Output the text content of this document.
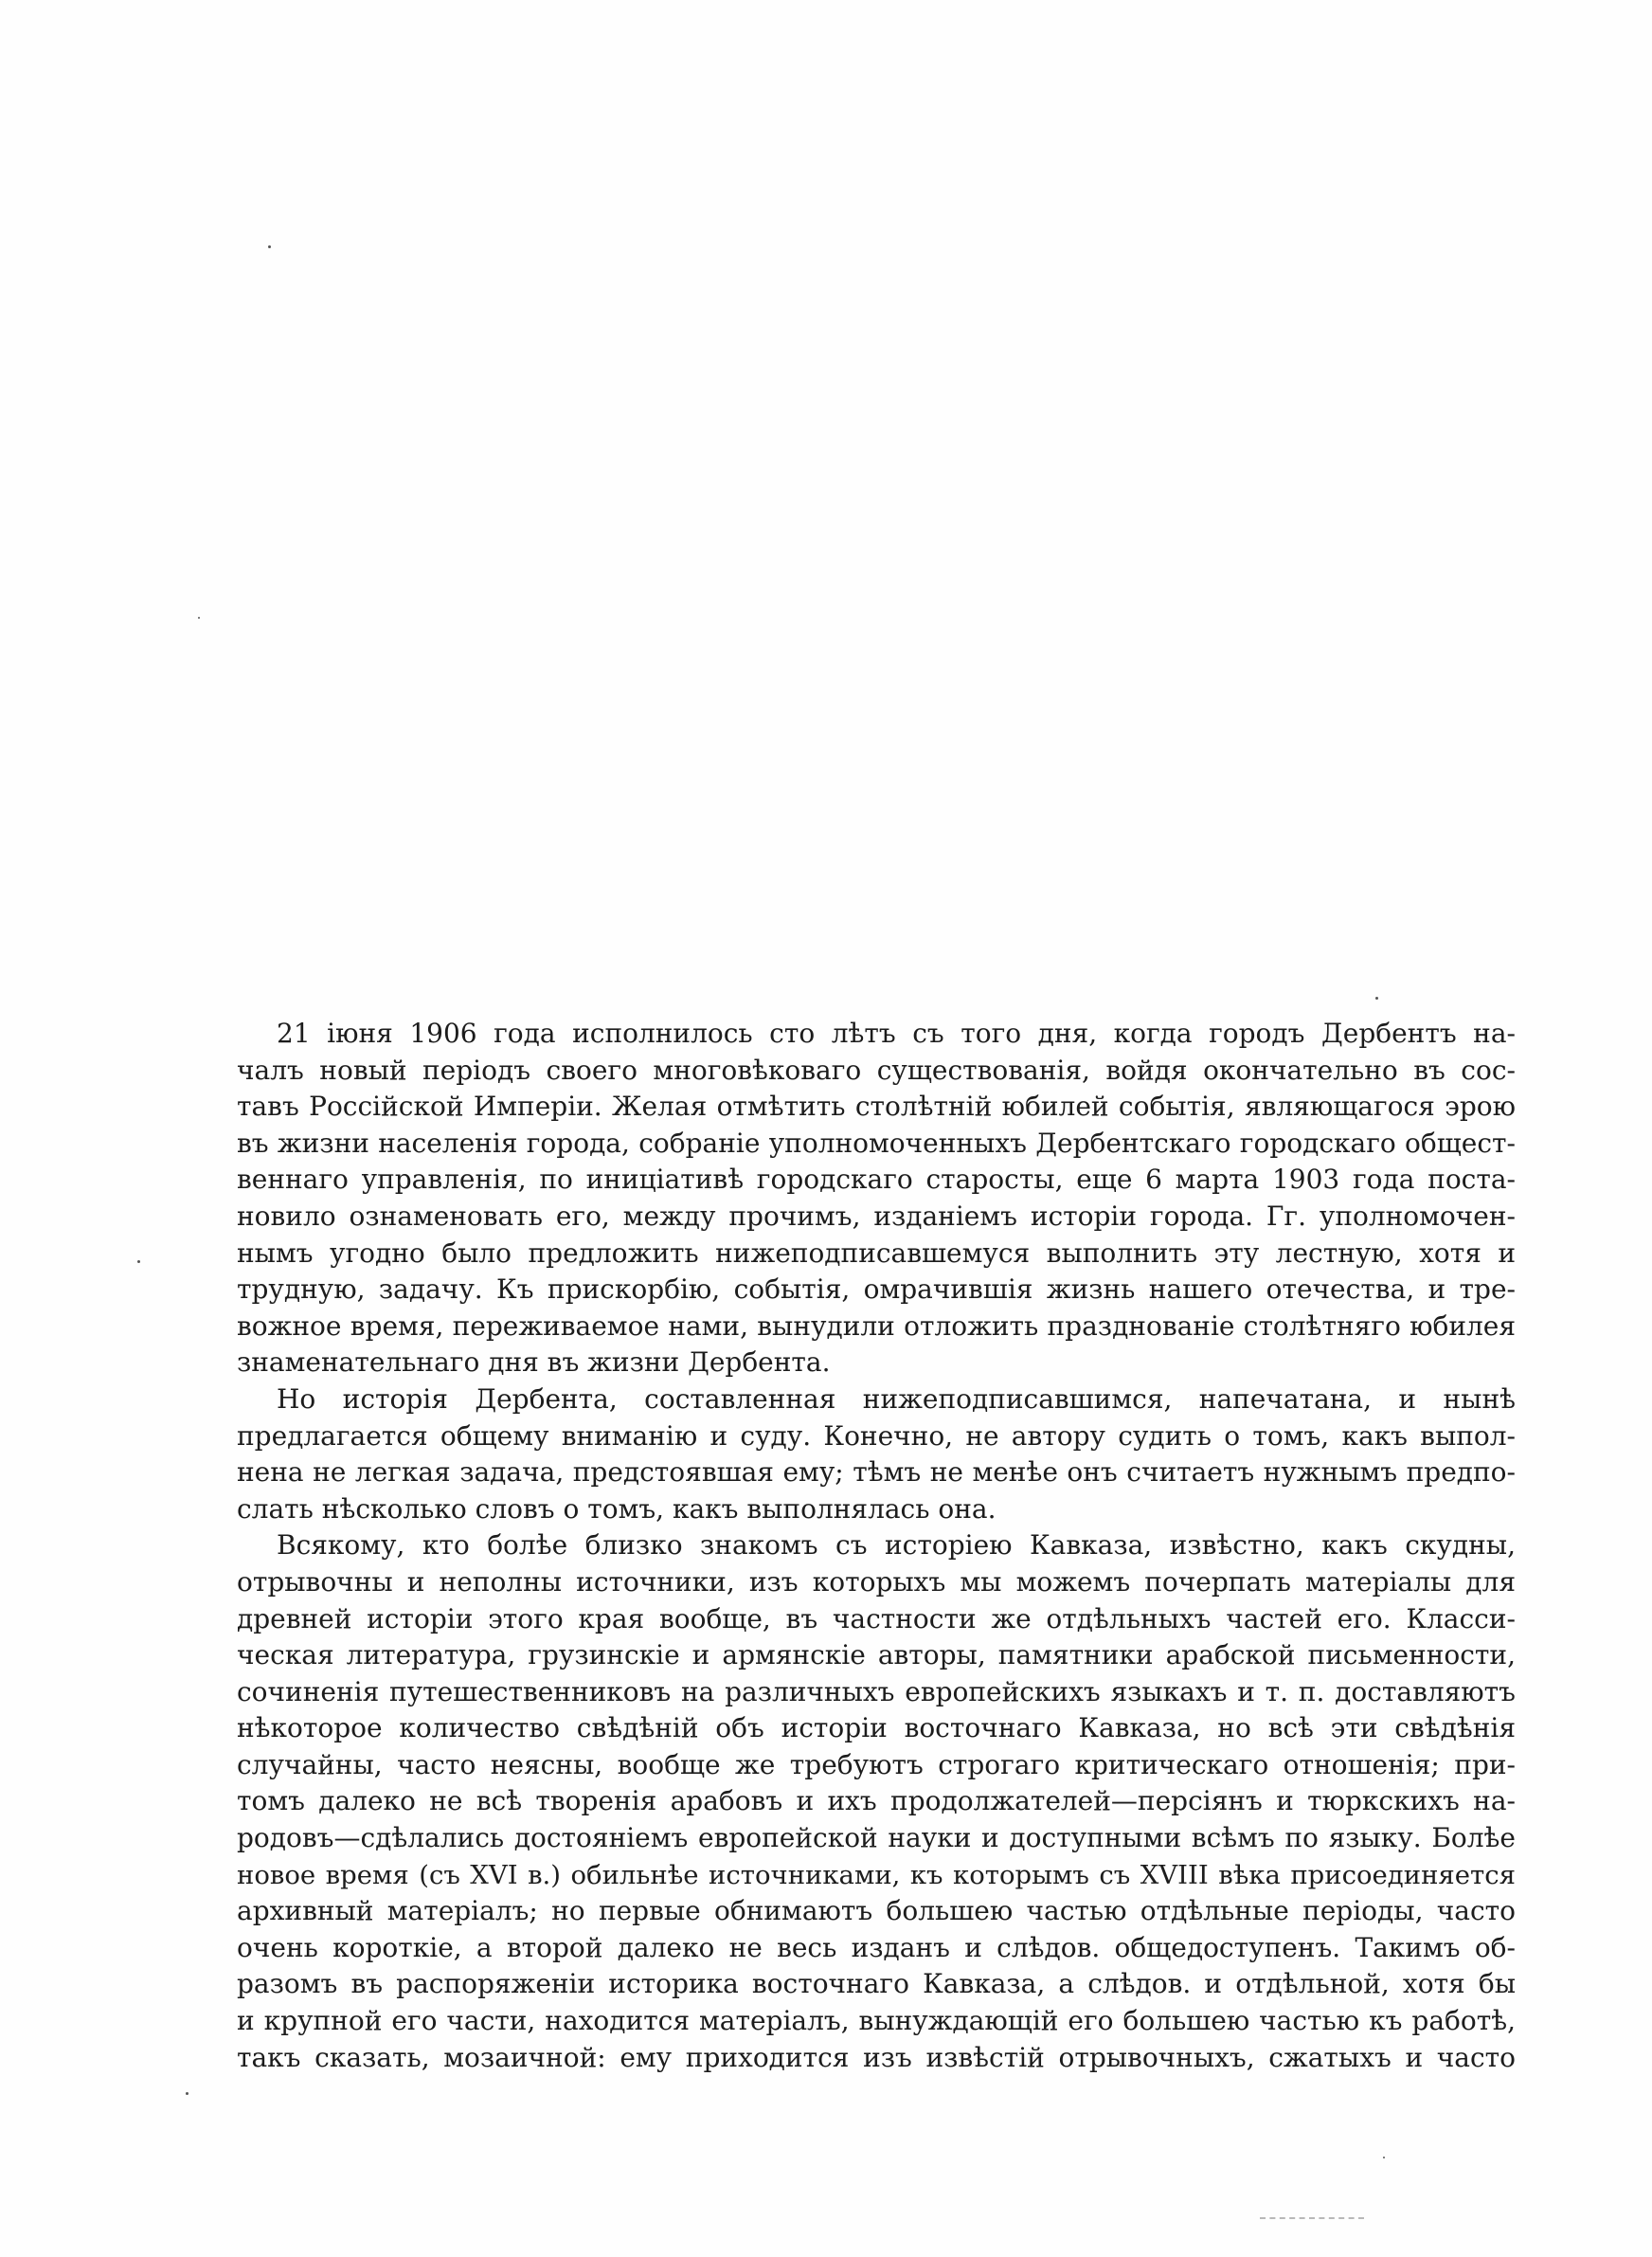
21 іюня 1906 года исполнилось сто лѣтъ съ того дня, когда городъ Дербентъ на-
чалъ новый періодъ своего многовѣковаго существованія, войдя окончательно въ сос-
тавъ Россійской Имперіи. Желая отмѣтить столѣтній юбилей событія, являющагося эрою
въ жизни населенія города, собраніе уполномоченныхъ Дербентскаго городскаго общест-
веннаго управленія, по иниціативѣ городскаго старосты, еще 6 марта 1903 года поста-
новило ознаменовать его, между прочимъ, изданіемъ исторіи города. Гг. уполномочен-
нымъ угодно было предложить нижеподписавшемуся выполнить эту лестную, хотя и
трудную, задачу. Къ прискорбію, событія, омрачившія жизнь нашего отечества, и тре-
вожное время, переживаемое нами, вынудили отложить празднованіе столѣтняго юбилея
знаменательнаго дня въ жизни Дербента.
Но исторія Дербента, составленная нижеподписавшимся, напечатана, и нынѣ
предлагается общему вниманію и суду. Конечно, не автору судить о томъ, какъ выпол-
нена не легкая задача, предстоявшая ему; тѣмъ не менѣе онъ считаетъ нужнымъ предпо-
слать нѣсколько словъ о томъ, какъ выполнялась она.
Всякому, кто болѣе близко знакомъ съ исторіею Кавказа, извѣстно, какъ скудны,
отрывочны и неполны источники, изъ которыхъ мы можемъ почерпать матеріалы для
древней исторіи этого края вообще, въ частности же отдѣльныхъ частей его. Класси-
ческая литература, грузинскіе и армянскіе авторы, памятники арабской письменности,
сочиненія путешественниковъ на различныхъ европейскихъ языкахъ и т. п. доставляютъ
нѣкоторое количество свѣдѣній объ исторіи восточнаго Кавказа, но всѣ эти свѣдѣнія
случайны, часто неясны, вообще же требуютъ строгаго критическаго отношенія; при-
томъ далеко не всѣ творенія арабовъ и ихъ продолжателей—персіянъ и тюркскихъ на-
родовъ—сдѣлались достояніемъ европейской науки и доступными всѣмъ по языку. Болѣе
новое время (съ XVI в.) обильнѣе источниками, къ которымъ съ XVIII вѣка присоединяется
архивный матеріалъ; но первые обнимаютъ большею частью отдѣльные періоды, часто
очень короткіе, а второй далеко не весь изданъ и слѣдов. общедоступенъ. Такимъ об-
разомъ въ распоряженіи историка восточнаго Кавказа, а слѣдов. и отдѣльной, хотя бы
и крупной его части, находится матеріалъ, вынуждающій его большею частью къ работѣ,
такъ сказать, мозаичной: ему приходится изъ извѣстій отрывочныхъ, сжатыхъ и часто
